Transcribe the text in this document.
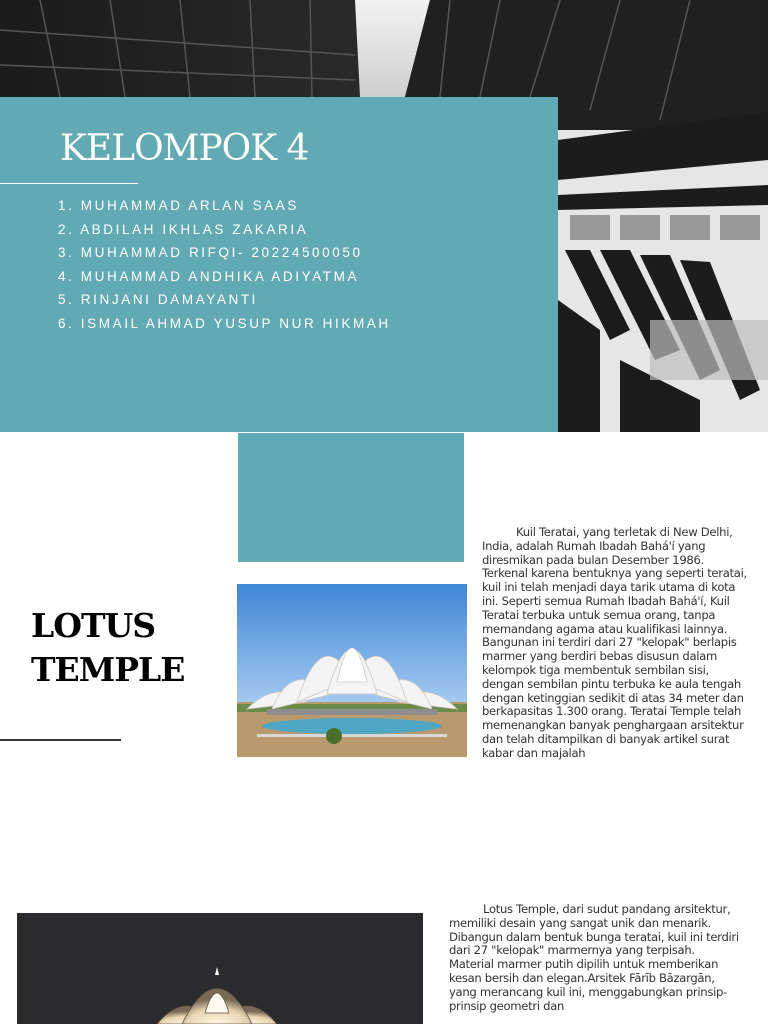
KELOMPOK 4
1. MUHAMMAD ARLAN SAAS
2. ABDILAH IKHLAS ZAKARIA
3. MUHAMMAD RIFQI- 20224500050
4. MUHAMMAD ANDHIKA ADIYATMA
5. RINJANI DAMAYANTI
6. ISMAIL AHMAD YUSUP NUR HIKMAH
LOTUS
TEMPLE

Kuil Teratai, yang terletak di New Delhi, India, adalah Rumah Ibadah Bahá'í yang diresmikan pada bulan Desember 1986. Terkenal karena bentuknya yang seperti teratai, kuil ini telah menjadi daya tarik utama di kota ini. Seperti semua Rumah Ibadah Bahá'í, Kuil Teratai terbuka untuk semua orang, tanpa memandang agama atau kualifikasi lainnya. Bangunan ini terdiri dari 27 "kelopak" berlapis marmer yang berdiri bebas disusun dalam kelompok tiga membentuk sembilan sisi, dengan sembilan pintu terbuka ke aula tengah dengan ketinggian sedikit di atas 34 meter dan berkapasitas 1.300 orang. Teratai Temple telah memenangkan banyak penghargaan arsitektur dan telah ditampilkan di banyak artikel surat kabar dan majalah

Lotus Temple, dari sudut pandang arsitektur, memiliki desain yang sangat unik dan menarik. Dibangun dalam bentuk bunga teratai, kuil ini terdiri dari 27 "kelopak" marmernya yang terpisah. Material marmer putih dipilih untuk memberikan kesan bersih dan elegan.Arsitek Fārīb Bāzargān, yang merancang kuil ini, menggabungkan prinsip-prinsip geometri dan
